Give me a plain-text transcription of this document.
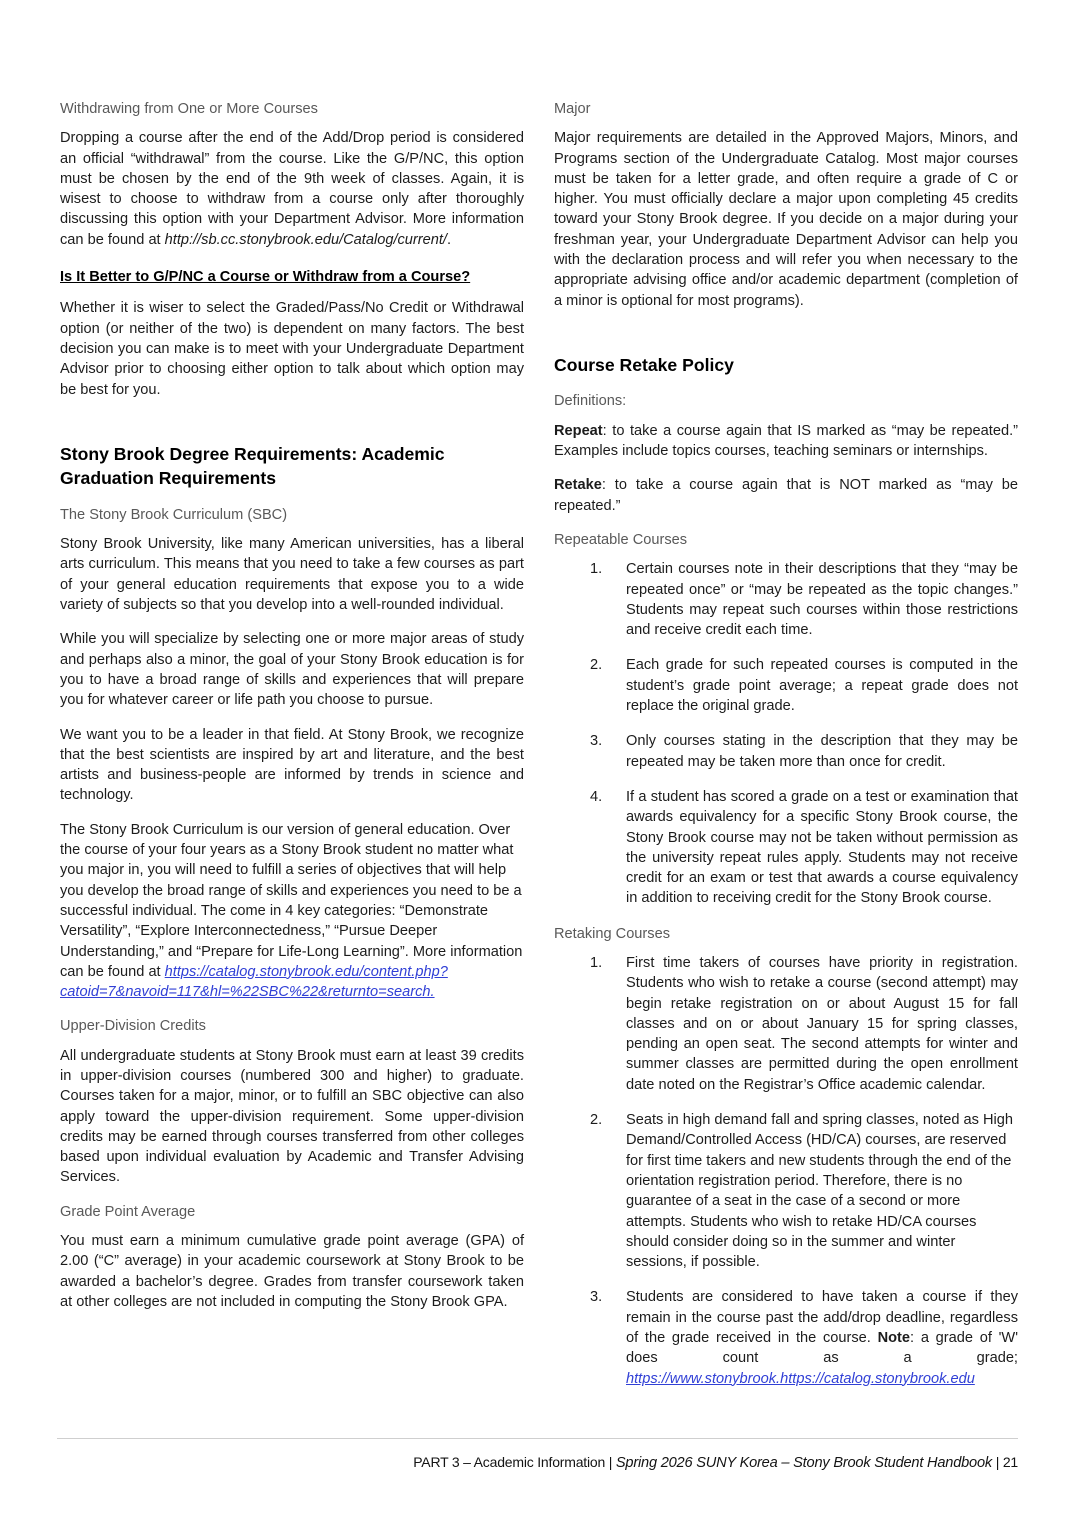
Withdrawing from One or More Courses

Dropping a course after the end of the Add/Drop period is considered an official “withdrawal” from the course. Like the G/P/NC, this option must be chosen by the end of the 9th week of classes. Again, it is wisest to choose to withdraw from a course only after thoroughly discussing this option with your Department Advisor. More information can be found at http://sb.cc.stonybrook.edu/Catalog/current/.

Is It Better to G/P/NC a Course or Withdraw from a Course?

Whether it is wiser to select the Graded/Pass/No Credit or Withdrawal option (or neither of the two) is dependent on many factors. The best decision you can make is to meet with your Undergraduate Department Advisor prior to choosing either option to talk about which option may be best for you.

Stony Brook Degree Requirements: Academic Graduation Requirements
The Stony Brook Curriculum (SBC)

Stony Brook University, like many American universities, has a liberal arts curriculum. This means that you need to take a few courses as part of your general education requirements that expose you to a wide variety of subjects so that you develop into a well-rounded individual.

While you will specialize by selecting one or more major areas of study and perhaps also a minor, the goal of your Stony Brook education is for you to have a broad range of skills and experiences that will prepare you for whatever career or life path you choose to pursue.

We want you to be a leader in that field. At Stony Brook, we recognize that the best scientists are inspired by art and literature, and the best artists and business-people are informed by trends in science and technology.

The Stony Brook Curriculum is our version of general education. Over the course of your four years as a Stony Brook student no matter what you major in, you will need to fulfill a series of objectives that will help you develop the broad range of skills and experiences you need to be a successful individual. The come in 4 key categories: “Demonstrate Versatility”, “Explore Interconnectedness,” “Pursue Deeper Understanding,” and “Prepare for Life-Long Learning”. More information can be found at https://catalog.stonybrook.edu/content.php?catoid=7&navoid=117&hl=%22SBC%22&returnto=search.

Upper-Division Credits

All undergraduate students at Stony Brook must earn at least 39 credits in upper-division courses (numbered 300 and higher) to graduate. Courses taken for a major, minor, or to fulfill an SBC objective can also apply toward the upper-division requirement. Some upper-division credits may be earned through courses transferred from other colleges based upon individual evaluation by Academic and Transfer Advising Services.

Grade Point Average

You must earn a minimum cumulative grade point average (GPA) of 2.00 (“C” average) in your academic coursework at Stony Brook to be awarded a bachelor’s degree. Grades from transfer coursework taken at other colleges are not included in computing the Stony Brook GPA.

Major

Major requirements are detailed in the Approved Majors, Minors, and Programs section of the Undergraduate Catalog. Most major courses must be taken for a letter grade, and often require a grade of C or higher. You must officially declare a major upon completing 45 credits toward your Stony Brook degree. If you decide on a major during your freshman year, your Undergraduate Department Advisor can help you with the declaration process and will refer you when necessary to the appropriate advising office and/or academic department (completion of a minor is optional for most programs).

Course Retake Policy
Definitions:

Repeat: to take a course again that IS marked as “may be repeated.” Examples include topics courses, teaching seminars or internships.

Retake: to take a course again that is NOT marked as “may be repeated.”

Repeatable Courses
1. Certain courses note in their descriptions that they “may be repeated once” or “may be repeated as the topic changes.” Students may repeat such courses within those restrictions and receive credit each time.
2. Each grade for such repeated courses is computed in the student’s grade point average; a repeat grade does not replace the original grade.
3. Only courses stating in the description that they may be repeated may be taken more than once for credit.
4. If a student has scored a grade on a test or examination that awards equivalency for a specific Stony Brook course, the Stony Brook course may not be taken without permission as the university repeat rules apply. Students may not receive credit for an exam or test that awards a course equivalency in addition to receiving credit for the Stony Brook course.
Retaking Courses
1. First time takers of courses have priority in registration. Students who wish to retake a course (second attempt) may begin retake registration on or about August 15 for fall classes and on or about January 15 for spring classes, pending an open seat. The second attempts for winter and summer classes are permitted during the open enrollment date noted on the Registrar’s Office academic calendar.
2. Seats in high demand fall and spring classes, noted as High Demand/Controlled Access (HD/CA) courses, are reserved for first time takers and new students through the end of the orientation registration period. Therefore, there is no guarantee of a seat in the case of a second or more attempts. Students who wish to retake HD/CA courses should consider doing so in the summer and winter sessions, if possible.
3. Students are considered to have taken a course if they remain in the course past the add/drop deadline, regardless of the grade received in the course. Note: a grade of 'W' does count as a grade; https://www.stonybrook.https://catalog.stonybrook.edu
PART 3 – Academic Information | Spring 2026 SUNY Korea – Stony Brook Student Handbook | 21
